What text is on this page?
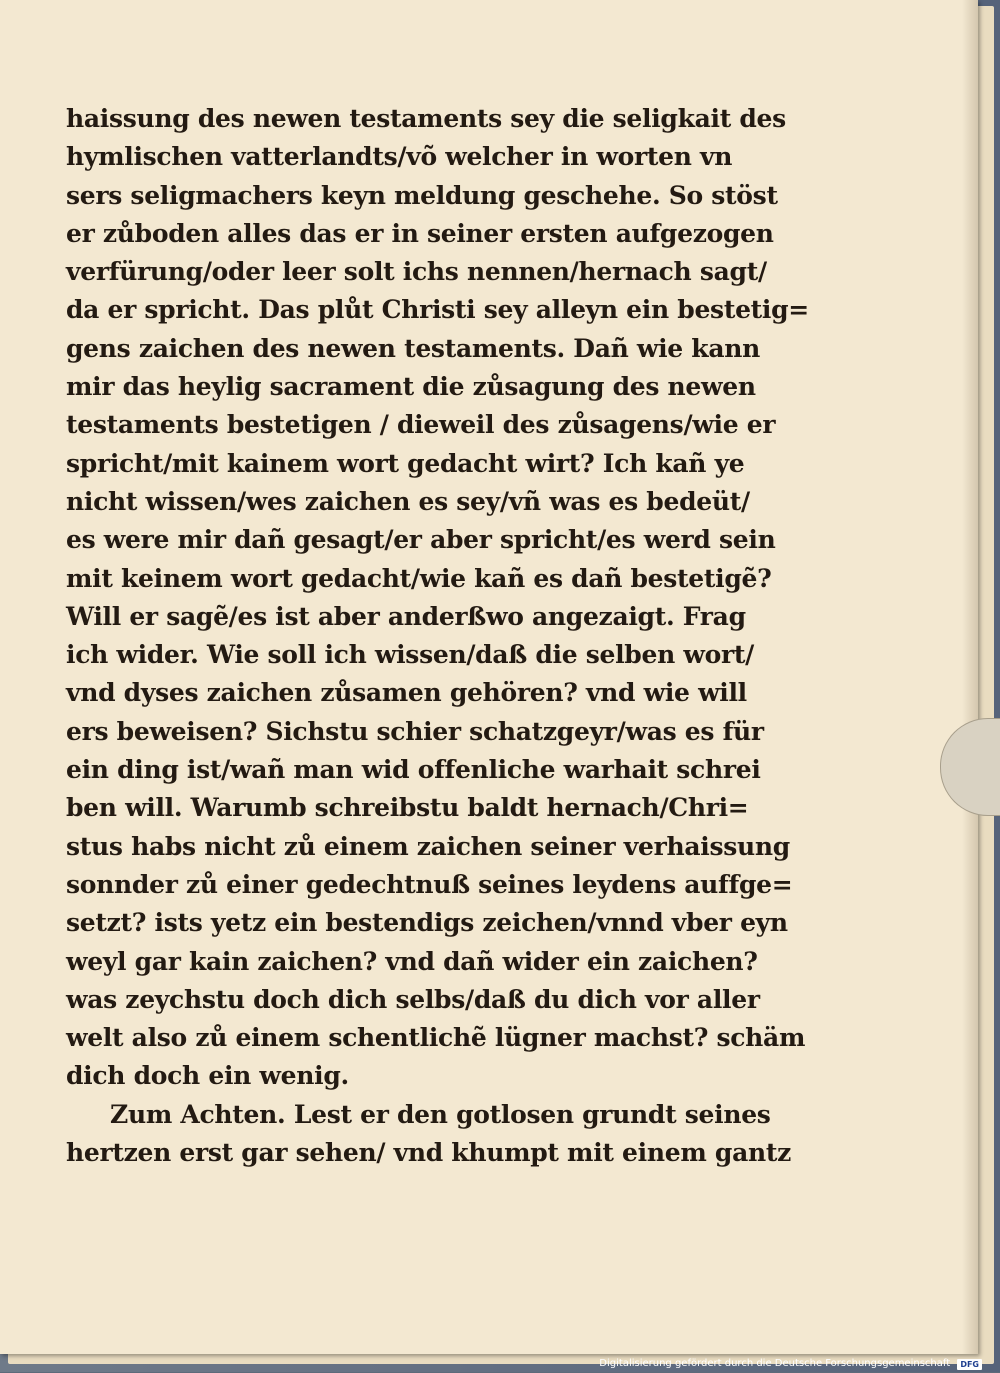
haissung des newen testaments sey die seligkait des
hymlischen vatterlandts/võ welcher in worten vn
sers seligmachers keyn meldung geschehe. So stöst
er zůboden alles das er in seiner ersten aufgezogen
verfürung/oder leer solt ichs nennen/hernach sagt/
da er spricht. Das plůt Christi sey alleyn ein bestetig=
gens zaichen des newen testaments. Dañ wie kann
mir das heylig sacrament die zůsagung des newen
testaments bestetigen / dieweil des zůsagens/wie er
spricht/mit kainem wort gedacht wirt? Ich kañ ye
nicht wissen/wes zaichen es sey/vñ was es bedeüt/
es were mir dañ gesagt/er aber spricht/es werd sein
mit keinem wort gedacht/wie kañ es dañ bestetigẽ?
Will er sagẽ/es ist aber anderßwo angezaigt. Frag
ich wider. Wie soll ich wissen/daß die selben wort/
vnd dyses zaichen zůsamen gehören? vnd wie will
ers beweisen? Sichstu schier schatzgeyr/was es für
ein ding ist/wañ man wid offenliche warhait schrei
ben will. Warumb schreibstu baldt hernach/Chri=
stus habs nicht zů einem zaichen seiner verhaissung
sonnder zů einer gedechtnuß seines leydens auffge=
setzt? ists yetz ein bestendigs zeichen/vnnd vber eyn
weyl gar kain zaichen? vnd dañ wider ein zaichen?
was zeychstu doch dich selbs/daß du dich vor aller
welt also zů einem schentlichẽ lügner machst? schäm
dich doch ein wenig.
Zum Achten. Lest er den gotlosen grundt seines
hertzen erst gar sehen/ vnd khumpt mit einem gantz
Digitalisierung gefördert durch die Deutsche Forschungsgemeinschaft DFG
